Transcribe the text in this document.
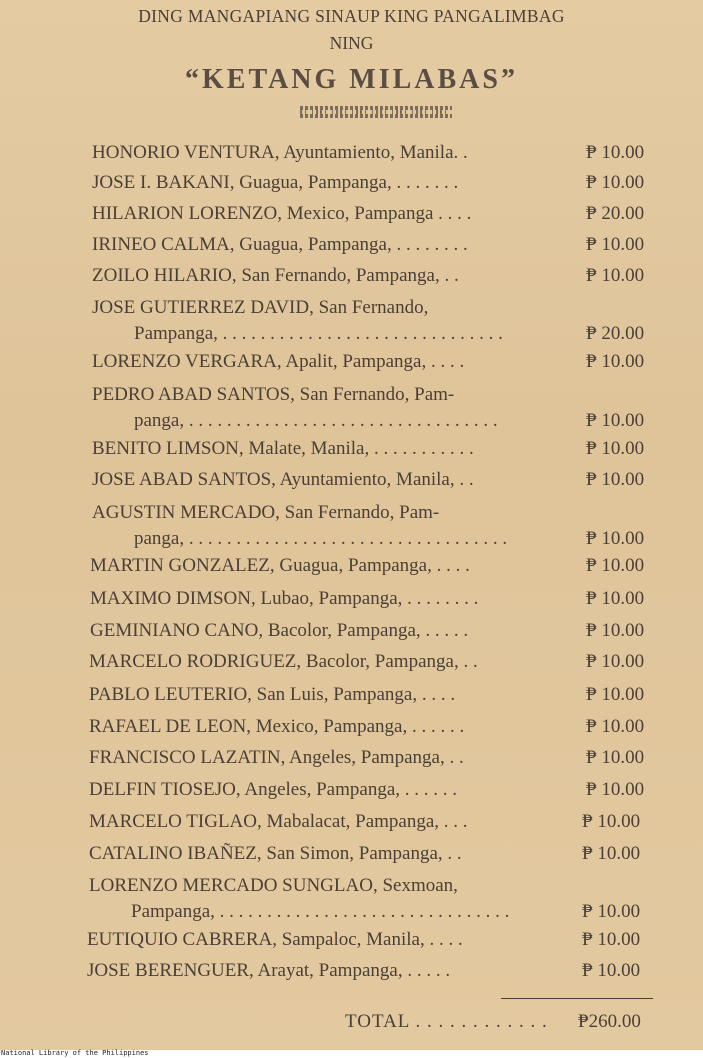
DING MANGAPIANG SINAUP KING PANGALIMBAG
NING
“KETANG MILABAS”
HONORIO VENTURA, Ayuntamiento, Manila. .	₱ 10.00
JOSE I. BAKANI, Guagua, Pampanga, . . . . . . .	₱ 10.00
HILARION LORENZO, Mexico, Pampanga . . . .	₱ 20.00
IRINEO CALMA, Guagua, Pampanga, . . . . . . . .	₱ 10.00
ZOILO HILARIO, San Fernando, Pampanga, . .	₱ 10.00
JOSE GUTIERREZ DAVID, San Fernando,
Pampanga, . . . . . . . . . . . . . . . . . . . . . . . . . . . . . .	₱ 20.00
LORENZO VERGARA, Apalit, Pampanga, . . . .	₱ 10.00
PEDRO ABAD SANTOS, San Fernando, Pam-
panga, . . . . . . . . . . . . . . . . . . . . . . . . . . . . . . . . .	₱ 10.00
BENITO LIMSON, Malate, Manila, . . . . . . . . . . .	₱ 10.00
JOSE ABAD SANTOS, Ayuntamiento, Manila, . .	₱ 10.00
AGUSTIN MERCADO, San Fernando, Pam-
panga, . . . . . . . . . . . . . . . . . . . . . . . . . . . . . . . . . .	₱ 10.00
MARTIN GONZALEZ, Guagua, Pampanga, . . . .	₱ 10.00
MAXIMO DIMSON, Lubao, Pampanga, . . . . . . . .	₱ 10.00
GEMINIANO CANO, Bacolor, Pampanga, . . . . .	₱ 10.00
MARCELO RODRIGUEZ, Bacolor, Pampanga, . .	₱ 10.00
PABLO LEUTERIO, San Luis, Pampanga, . . . .	₱ 10.00
RAFAEL DE LEON, Mexico, Pampanga, . . . . . .	₱ 10.00
FRANCISCO LAZATIN, Angeles, Pampanga, . .	₱ 10.00
DELFIN TIOSEJO, Angeles, Pampanga, . . . . . .	₱ 10.00
MARCELO TIGLAO, Mabalacat, Pampanga, . . .	₱ 10.00
CATALINO IBAÑEZ, San Simon, Pampanga, . .	₱ 10.00
LORENZO MERCADO SUNGLAO, Sexmoan,
Pampanga, . . . . . . . . . . . . . . . . . . . . . . . . . . . . . . .	₱ 10.00
EUTIQUIO CABRERA, Sampaloc, Manila, . . . .	₱ 10.00
JOSE BERENGUER, Arayat, Pampanga, . . . . .	₱ 10.00
TOTAL . . . . . . . . . . . . ₱260.00
National Library of the Philippines
